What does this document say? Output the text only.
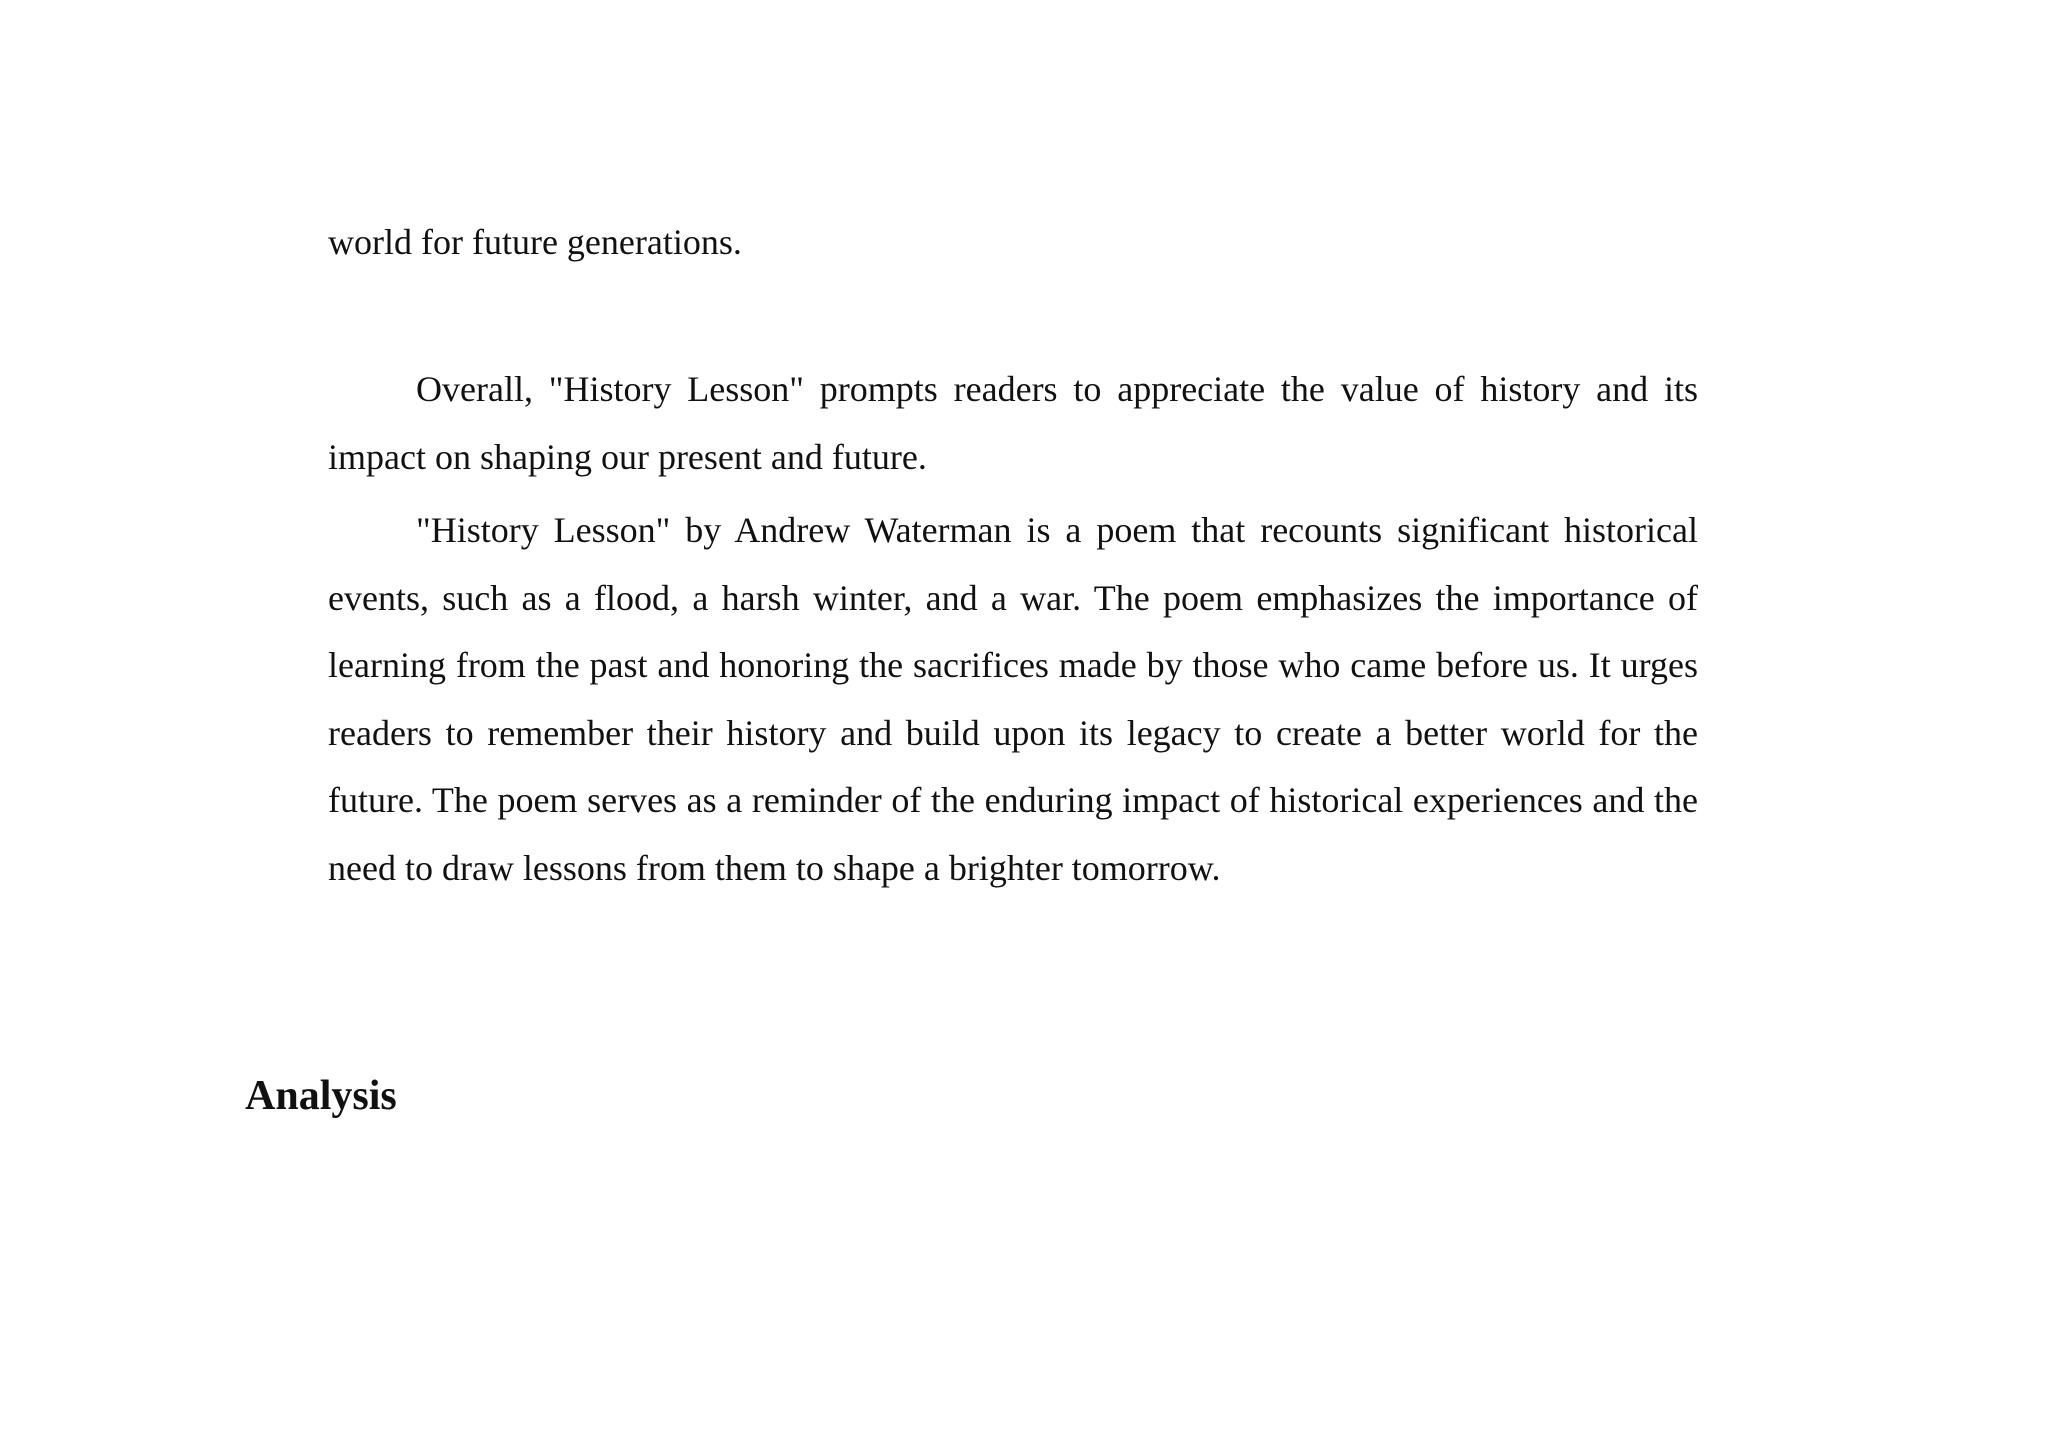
world for future generations.

Overall, "History Lesson" prompts readers to appreciate the value of history and its impact on shaping our present and future.

"History Lesson" by Andrew Waterman is a poem that recounts significant historical events, such as a flood, a harsh winter, and a war. The poem emphasizes the importance of learning from the past and honoring the sacrifices made by those who came before us. It urges readers to remember their history and build upon its legacy to create a better world for the future. The poem serves as a reminder of the enduring impact of historical experiences and the need to draw lessons from them to shape a brighter tomorrow.

Analysis
